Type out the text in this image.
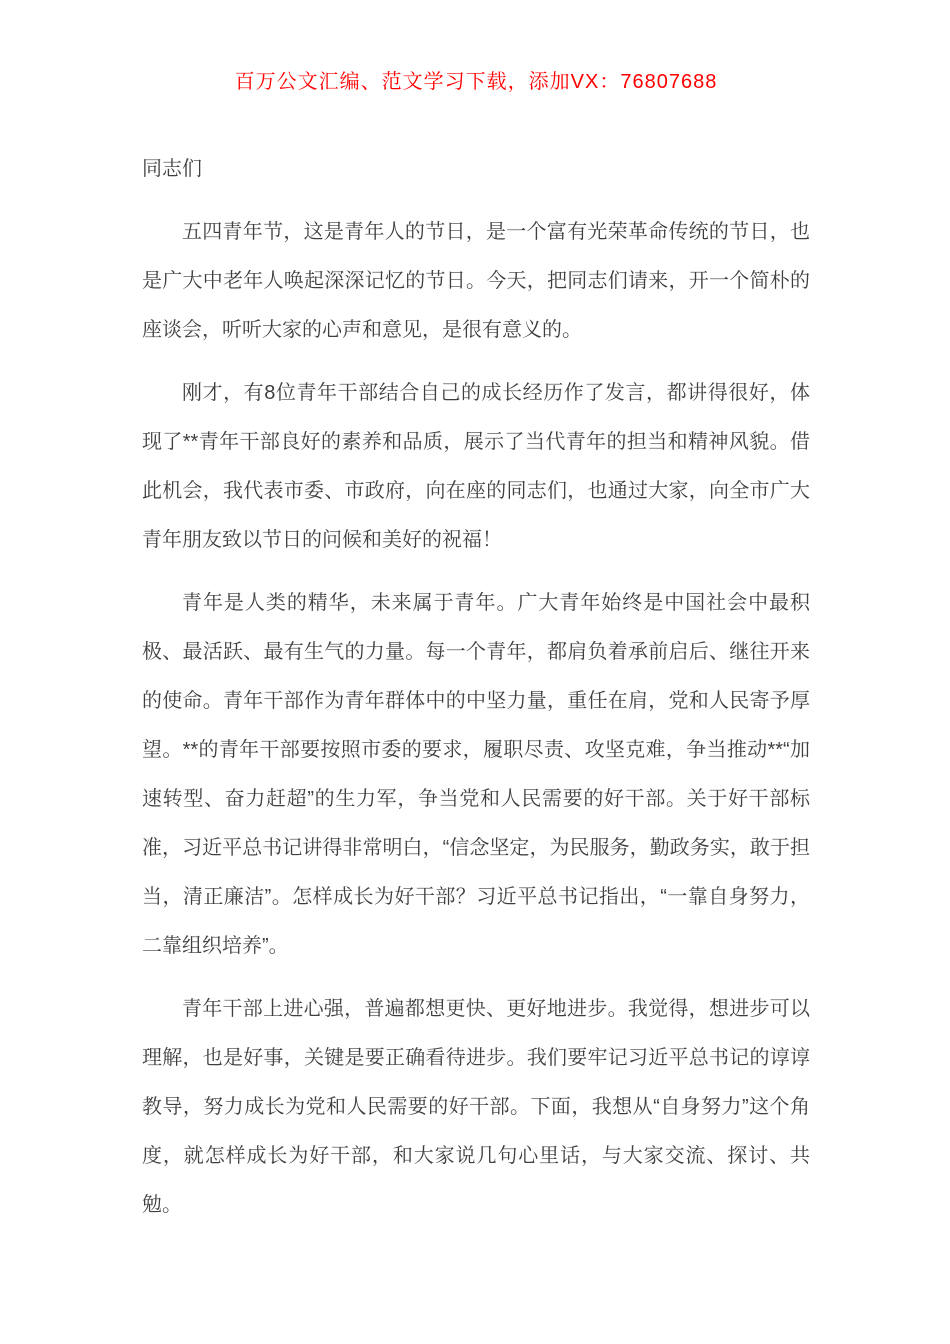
百万公文汇编、范文学习下载，添加VX：76807688

同志们

五四青年节，这是青年人的节日，是一个富有光荣革命传统的节日，也是广大中老年人唤起深深记忆的节日。今天，把同志们请来，开一个简朴的座谈会，听听大家的心声和意见，是很有意义的。

刚才，有8位青年干部结合自己的成长经历作了发言，都讲得很好，体现了**青年干部良好的素养和品质，展示了当代青年的担当和精神风貌。借此机会，我代表市委、市政府，向在座的同志们，也通过大家，向全市广大青年朋友致以节日的问候和美好的祝福！

青年是人类的精华，未来属于青年。广大青年始终是中国社会中最积极、最活跃、最有生气的力量。每一个青年，都肩负着承前启后、继往开来的使命。青年干部作为青年群体中的中坚力量，重任在肩，党和人民寄予厚望。**的青年干部要按照市委的要求，履职尽责、攻坚克难，争当推动**“加速转型、奋力赶超”的生力军，争当党和人民需要的好干部。关于好干部标准，习近平总书记讲得非常明白，“信念坚定，为民服务，勤政务实，敢于担当，清正廉洁”。怎样成长为好干部？习近平总书记指出，“一靠自身努力，二靠组织培养”。

青年干部上进心强，普遍都想更快、更好地进步。我觉得，想进步可以理解，也是好事，关键是要正确看待进步。我们要牢记习近平总书记的谆谆教导，努力成长为党和人民需要的好干部。下面，我想从“自身努力”这个角度，就怎样成长为好干部，和大家说几句心里话，与大家交流、探讨、共勉。
